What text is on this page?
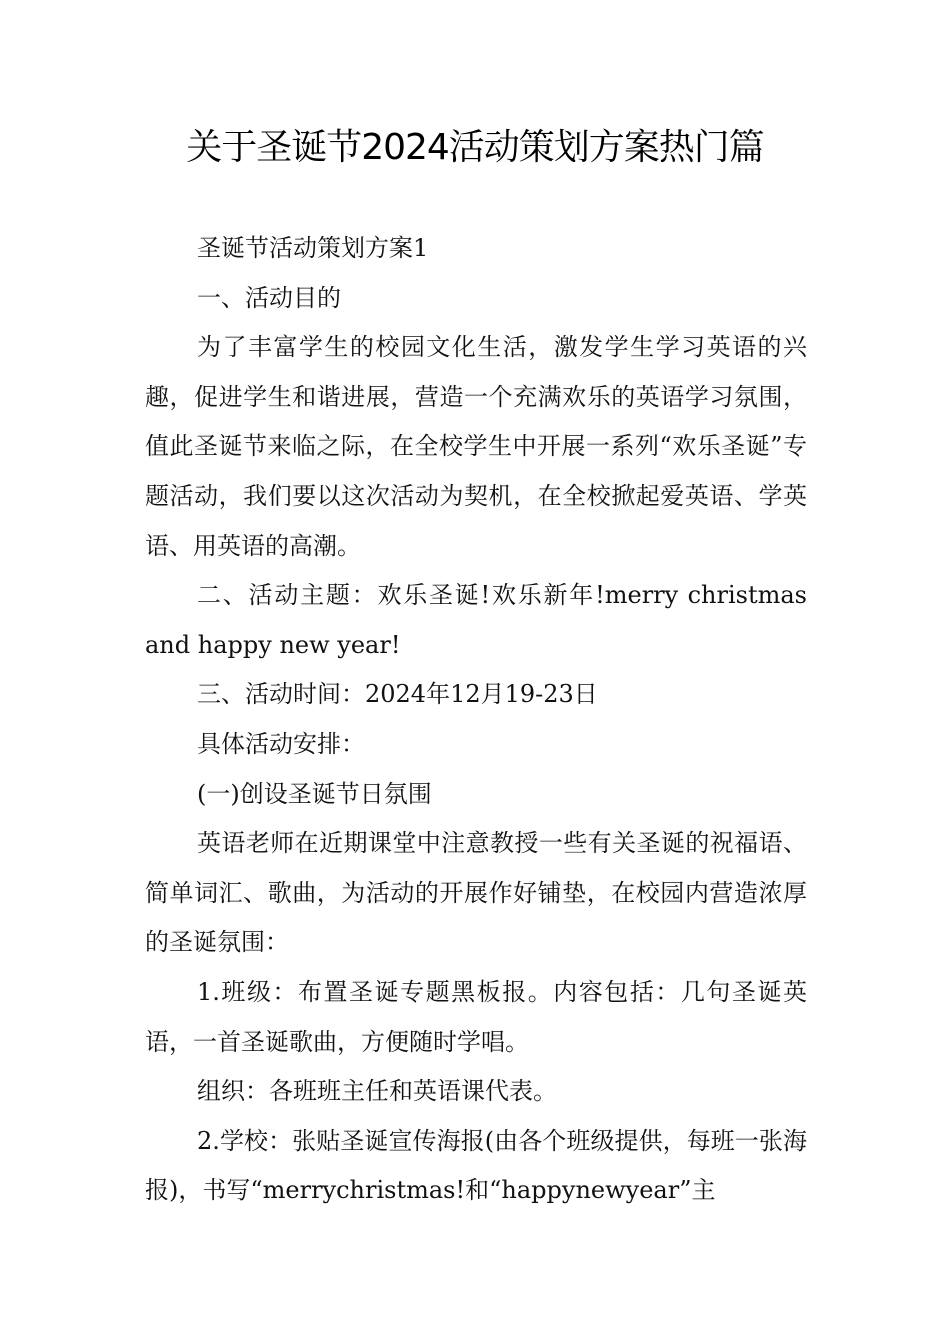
关于圣诞节2024活动策划方案热门篇

圣诞节活动策划方案1

一、活动目的

为了丰富学生的校园文化生活，激发学生学习英语的兴趣，促进学生和谐进展，营造一个充满欢乐的英语学习氛围，值此圣诞节来临之际，在全校学生中开展一系列“欢乐圣诞”专题活动，我们要以这次活动为契机，在全校掀起爱英语、学英语、用英语的高潮。

二、活动主题：欢乐圣诞!欢乐新年!merry christmas and happy new year!

三、活动时间：2024年12月19-23日

具体活动安排：

(一)创设圣诞节日氛围

英语老师在近期课堂中注意教授一些有关圣诞的祝福语、简单词汇、歌曲，为活动的开展作好铺垫，在校园内营造浓厚的圣诞氛围：

1.班级：布置圣诞专题黑板报。内容包括：几句圣诞英语，一首圣诞歌曲，方便随时学唱。

组织：各班班主任和英语课代表。

2.学校：张贴圣诞宣传海报(由各个班级提供，每班一张海报)，书写“merrychristmas!和“happynewyear”主
